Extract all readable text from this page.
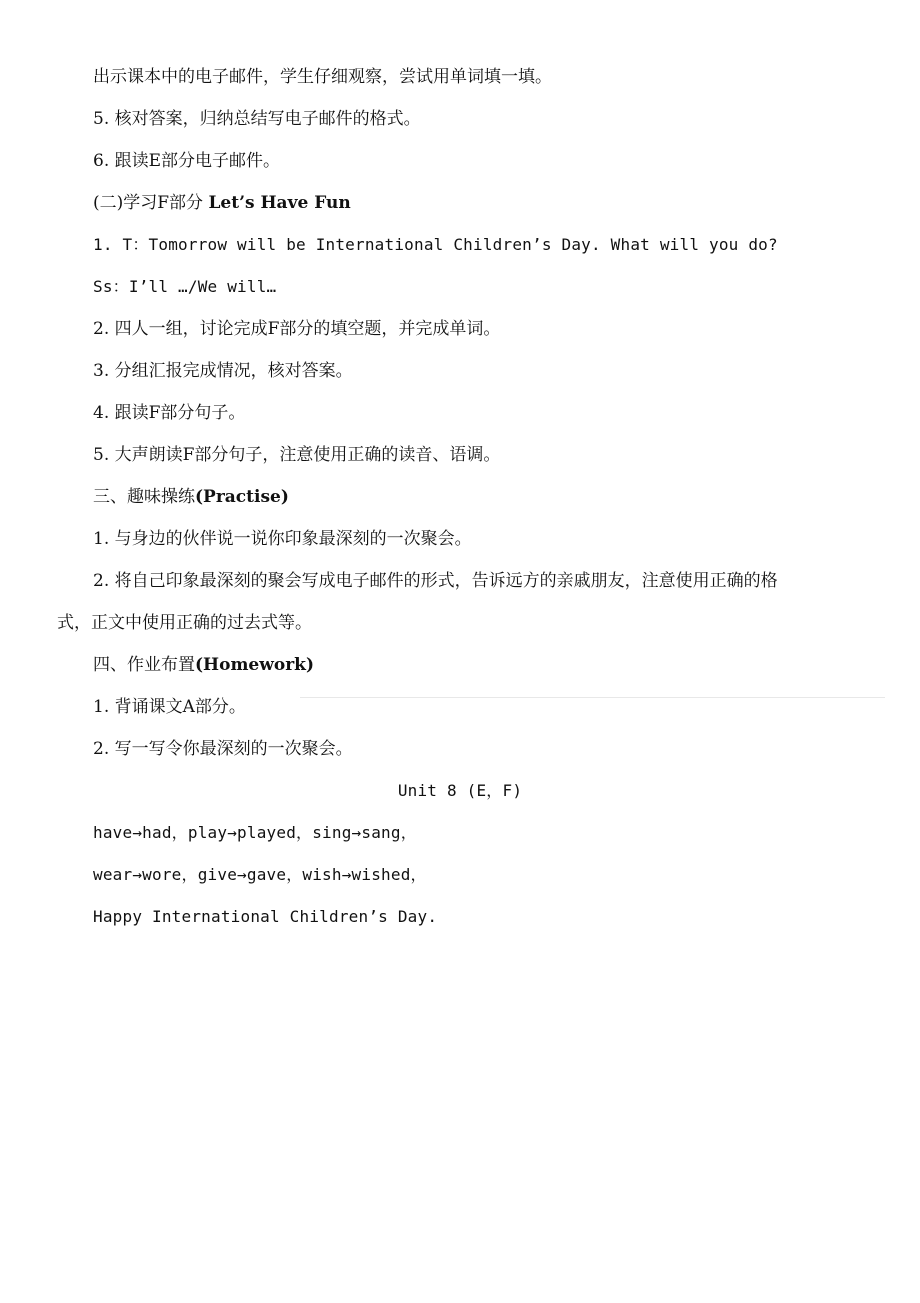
出示课本中的电子邮件，学生仔细观察，尝试用单词填一填。
5. 核对答案，归纳总结写电子邮件的格式。
6. 跟读E部分电子邮件。
(二)学习F部分 Let’s Have Fun
1. T：Tomorrow will be International Children’s Day. What will you do?
Ss：I’ll …/We will…
2. 四人一组，讨论完成F部分的填空题，并完成单词。
3. 分组汇报完成情况，核对答案。
4. 跟读F部分句子。
5. 大声朗读F部分句子，注意使用正确的读音、语调。
三、趣味操练(Practise)
1. 与身边的伙伴说一说你印象最深刻的一次聚会。
2. 将自己印象最深刻的聚会写成电子邮件的形式，告诉远方的亲戚朋友，注意使用正确的格
式，正文中使用正确的过去式等。
四、作业布置(Homework)
1. 背诵课文A部分。
2. 写一写令你最深刻的一次聚会。
Unit 8 (E，F)
have→had，play→played，sing→sang，
wear→wore，give→gave，wish→wished，
Happy International Children’s Day.
